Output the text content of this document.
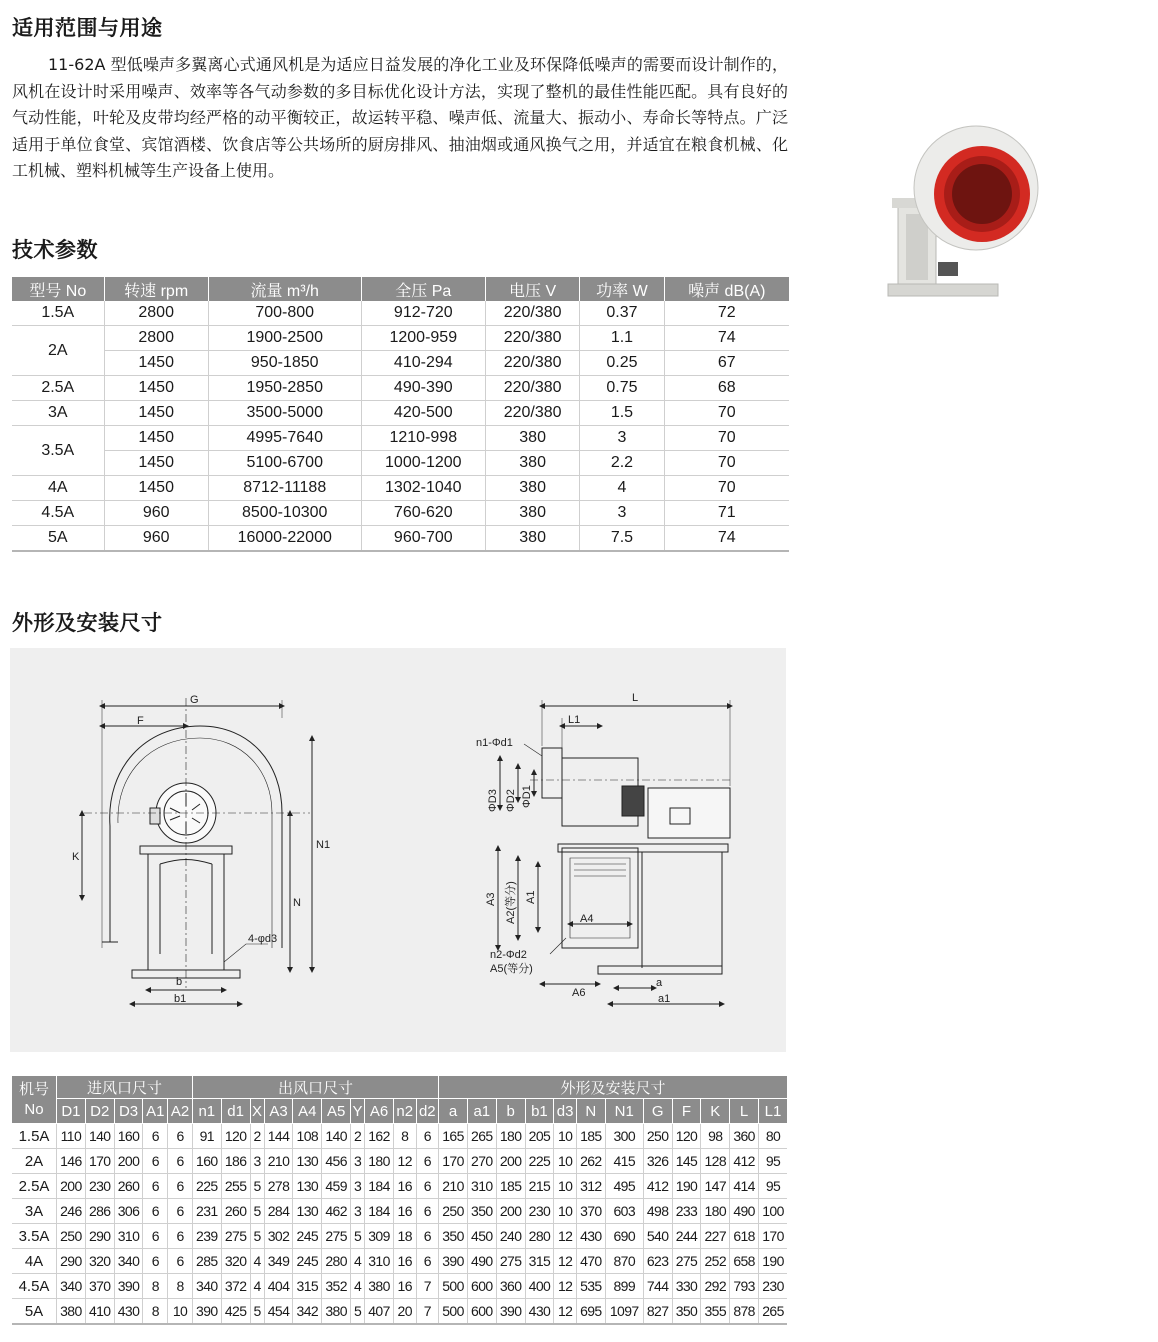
适用范围与用途
11-62A 型低噪声多翼离心式通风机是为适应日益发展的净化工业及环保降低噪声的需要而设计制作的，风机在设计时采用噪声、效率等各气动参数的多目标优化设计方法，实现了整机的最佳性能匹配。具有良好的气动性能，叶轮及皮带均经严格的动平衡较正，故运转平稳、噪声低、流量大、振动小、寿命长等特点。广泛适用于单位食堂、宾馆酒楼、饮食店等公共场所的厨房排风、抽油烟或通风换气之用，并适宜在粮食机械、化工机械、塑料机械等生产设备上使用。
技术参数
型号 No	转速 rpm	流量 m³/h	全压 Pa	电压 V	功率 W	噪声 dB(A)
1.5A	2800	700-800	912-720	220/380	0.37	72
2A	2800	1900-2500	1200-959	220/380	1.1	74
	1450	950-1850	410-294	220/380	0.25	67
2.5A	1450	1950-2850	490-390	220/380	0.75	68
3A	1450	3500-5000	420-500	220/380	1.5	70
3.5A	1450	4995-7640	1210-998	380	3	70
	1450	5100-6700	1000-1200	380	2.2	70
4A	1450	8712-11188	1302-1040	380	4	70
4.5A	960	8500-10300	760-620	380	3	71
5A	960	16000-22000	960-700	380	7.5	74
外形及安装尺寸
G
F
K
N1
N
4-φd3
b
b1
L
L1
n1-Φd1
ΦD3 ΦD2 ΦD1
A3 A2(等分) A1
A4
n2-Φd2
A5(等分)
A6
a
a1
机号
No	进风口尺寸					出风口尺寸										外形及安装尺寸											
	D1	D2	D3	A1	A2	n1	d1	X	A3	A4	A5	Y	A6	n2	d2	a	a1	b	b1	d3	N	N1	G	F	K	L	L1
1.5A	110	140	160	6	6	91	120	2	144	108	140	2	162	8	6	165	265	180	205	10	185	300	250	120	98	360	80
2A	146	170	200	6	6	160	186	3	210	130	456	3	180	12	6	170	270	200	225	10	262	415	326	145	128	412	95
2.5A	200	230	260	6	6	225	255	5	278	130	459	3	184	16	6	210	310	185	215	10	312	495	412	190	147	414	95
3A	246	286	306	6	6	231	260	5	284	130	462	3	184	16	6	250	350	200	230	10	370	603	498	233	180	490	100
3.5A	250	290	310	6	6	239	275	5	302	245	275	5	309	18	6	350	450	240	280	12	430	690	540	244	227	618	170
4A	290	320	340	6	6	285	320	4	349	245	280	4	310	16	6	390	490	275	315	12	470	870	623	275	252	658	190
4.5A	340	370	390	8	8	340	372	4	404	315	352	4	380	16	7	500	600	360	400	12	535	899	744	330	292	793	230
5A	380	410	430	8	10	390	425	5	454	342	380	5	407	20	7	500	600	390	430	12	695	1097	827	350	355	878	265
